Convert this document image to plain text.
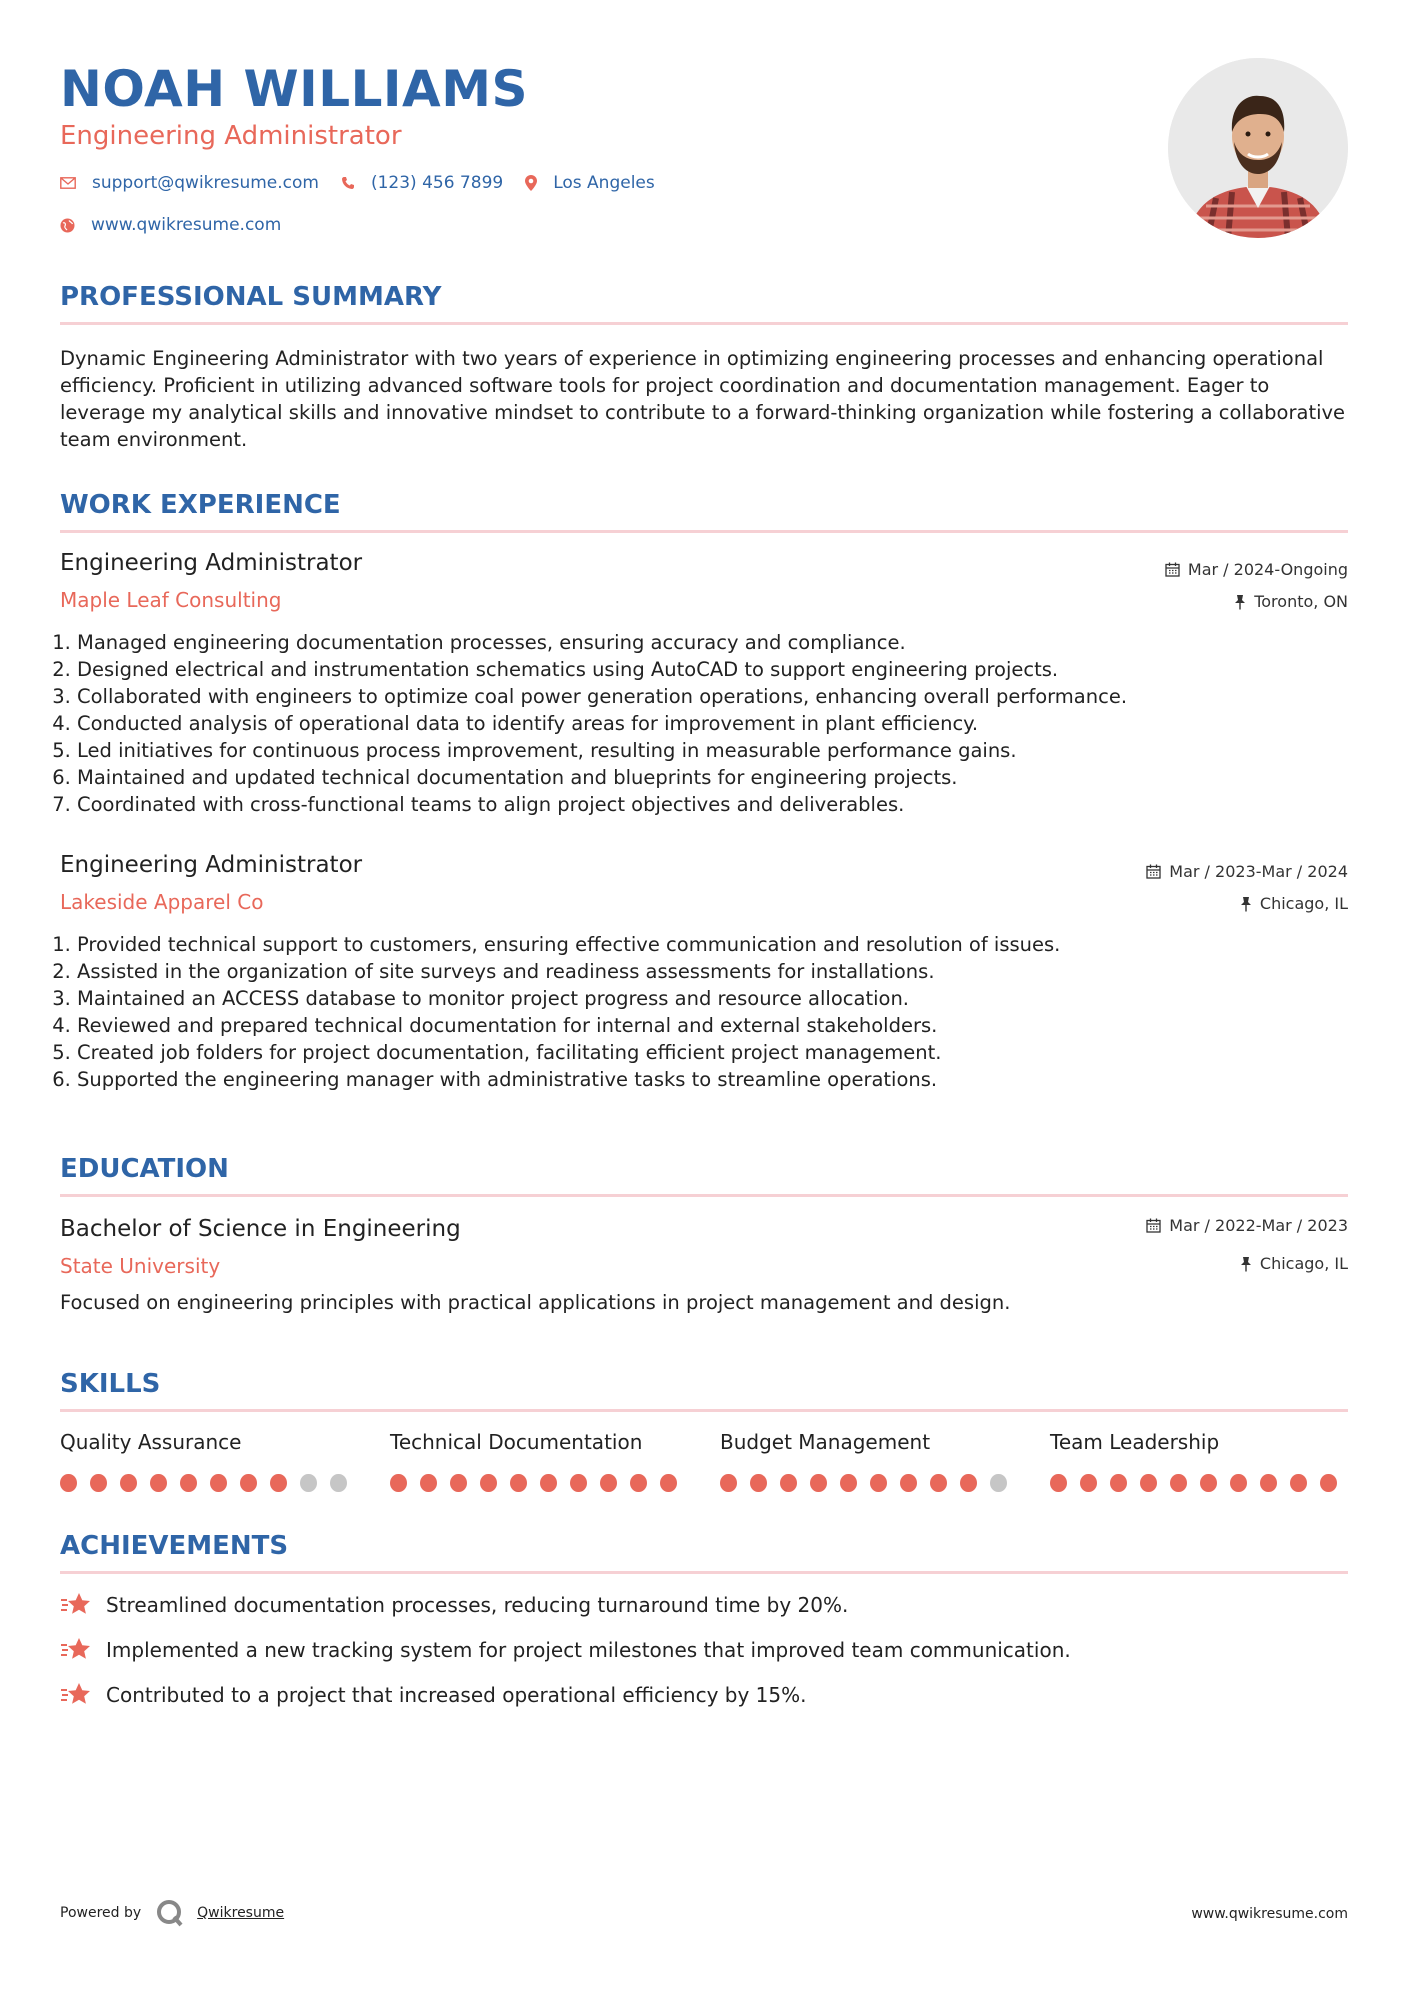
NOAH WILLIAMS
Engineering Administrator
support@qwikresume.com	(123) 456 7899	Los Angeles
www.qwikresume.com
PROFESSIONAL SUMMARY

Dynamic Engineering Administrator with two years of experience in optimizing engineering processes and enhancing operational efficiency. Proficient in utilizing advanced software tools for project coordination and documentation management. Eager to leverage my analytical skills and innovative mindset to contribute to a forward-thinking organization while fostering a collaborative team environment.

WORK EXPERIENCE
Engineering Administrator
Maple Leaf Consulting
Mar / 2024-Ongoing
Toronto, ON
1. Managed engineering documentation processes, ensuring accuracy and compliance.
2. Designed electrical and instrumentation schematics using AutoCAD to support engineering projects.
3. Collaborated with engineers to optimize coal power generation operations, enhancing overall performance.
4. Conducted analysis of operational data to identify areas for improvement in plant efficiency.
5. Led initiatives for continuous process improvement, resulting in measurable performance gains.
6. Maintained and updated technical documentation and blueprints for engineering projects.
7. Coordinated with cross-functional teams to align project objectives and deliverables.
Engineering Administrator
Lakeside Apparel Co
Mar / 2023-Mar / 2024
Chicago, IL
1. Provided technical support to customers, ensuring effective communication and resolution of issues.
2. Assisted in the organization of site surveys and readiness assessments for installations.
3. Maintained an ACCESS database to monitor project progress and resource allocation.
4. Reviewed and prepared technical documentation for internal and external stakeholders.
5. Created job folders for project documentation, facilitating efficient project management.
6. Supported the engineering manager with administrative tasks to streamline operations.
EDUCATION
Bachelor of Science in Engineering
State University
Mar / 2022-Mar / 2023
Chicago, IL

Focused on engineering principles with practical applications in project management and design.

SKILLS
Quality Assurance	Technical Documentation	Budget Management	Team Leadership
ACHIEVEMENTS
Streamlined documentation processes, reducing turnaround time by 20%.
Implemented a new tracking system for project milestones that improved team communication.
Contributed to a project that increased operational efficiency by 15%.
Powered by	Qwikresume	www.qwikresume.com
